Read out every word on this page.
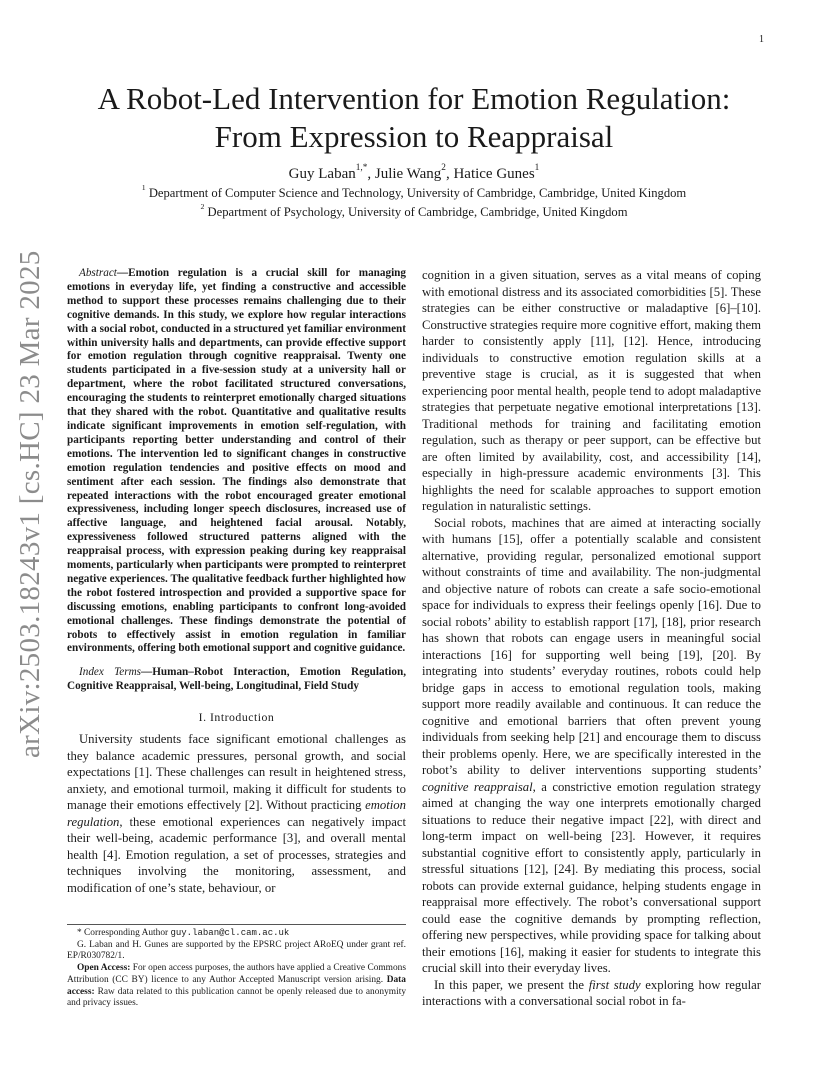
1
arXiv:2503.18243v1 [cs.HC] 23 Mar 2025
A Robot-Led Intervention for Emotion Regulation:
From Expression to Reappraisal
Guy Laban$^{1,*}$, Julie Wang$^2$, Hatice Gunes$^1$
$^1$ Department of Computer Science and Technology, University of Cambridge, Cambridge, United Kingdom
$^2$ Department of Psychology, University of Cambridge, Cambridge, United Kingdom

Abstract—Emotion regulation is a crucial skill for managing emotions in everyday life, yet finding a constructive and accessible method to support these processes remains challenging due to their cognitive demands. In this study, we explore how regular interactions with a social robot, conducted in a structured yet familiar environment within university halls and departments, can provide effective support for emotion regulation through cognitive reappraisal. Twenty one students participated in a five-session study at a university hall or department, where the robot facilitated structured conversations, encouraging the students to reinterpret emotionally charged situations that they shared with the robot. Quantitative and qualitative results indicate significant improvements in emotion self-regulation, with participants reporting better understanding and control of their emotions. The intervention led to significant changes in constructive emotion regulation tendencies and positive effects on mood and sentiment after each session. The findings also demonstrate that repeated interactions with the robot encouraged greater emotional expressiveness, including longer speech disclosures, increased use of affective language, and heightened facial arousal. Notably, expressiveness followed structured patterns aligned with the reappraisal process, with expression peaking during key reappraisal moments, particularly when participants were prompted to reinterpret negative experiences. The qualitative feedback further highlighted how the robot fostered introspection and provided a supportive space for discussing emotions, enabling participants to confront long-avoided emotional challenges. These findings demonstrate the potential of robots to effectively assist in emotion regulation in familiar environments, offering both emotional support and cognitive guidance.

Index Terms—Human–Robot Interaction, Emotion Regulation, Cognitive Reappraisal, Well-being, Longitudinal, Field Study

I. Introduction

University students face significant emotional challenges as they balance academic pressures, personal growth, and social expectations [1]. These challenges can result in heightened stress, anxiety, and emotional turmoil, making it difficult for students to manage their emotions effectively [2]. Without practicing emotion regulation, these emotional experiences can negatively impact their well-being, academic performance [3], and overall mental health [4]. Emotion regulation, a set of processes, strategies and techniques involving the monitoring, assessment, and modification of one’s state, behaviour, or

* Corresponding Author guy.laban@cl.cam.ac.uk

G. Laban and H. Gunes are supported by the EPSRC project ARoEQ under grant ref. EP/R030782/1.

Open Access: For open access purposes, the authors have applied a Creative Commons Attribution (CC BY) licence to any Author Accepted Manuscript version arising. Data access: Raw data related to this publication cannot be openly released due to anonymity and privacy issues.

cognition in a given situation, serves as a vital means of coping with emotional distress and its associated comorbidities [5]. These strategies can be either constructive or maladaptive [6]–[10]. Constructive strategies require more cognitive effort, making them harder to consistently apply [11], [12]. Hence, introducing individuals to constructive emotion regulation skills at a preventive stage is crucial, as it is suggested that when experiencing poor mental health, people tend to adopt maladaptive strategies that perpetuate negative emotional interpretations [13]. Traditional methods for training and facilitating emotion regulation, such as therapy or peer support, can be effective but are often limited by availability, cost, and accessibility [14], especially in high-pressure academic environments [3]. This highlights the need for scalable approaches to support emotion regulation in naturalistic settings.

Social robots, machines that are aimed at interacting socially with humans [15], offer a potentially scalable and consistent alternative, providing regular, personalized emotional support without constraints of time and availability. The non-judgmental and objective nature of robots can create a safe socio-emotional space for individuals to express their feelings openly [16]. Due to social robots’ ability to establish rapport [17], [18], prior research has shown that robots can engage users in meaningful social interactions [16] for supporting well being [19], [20]. By integrating into students’ everyday routines, robots could help bridge gaps in access to emotional regulation tools, making support more readily available and continuous. It can reduce the cognitive and emotional barriers that often prevent young individuals from seeking help [21] and encourage them to discuss their problems openly. Here, we are specifically interested in the robot’s ability to deliver interventions supporting students’ cognitive reappraisal, a constrictive emotion regulation strategy aimed at changing the way one interprets emotionally charged situations to reduce their negative impact [22], with direct and long-term impact on well-being [23]. However, it requires substantial cognitive effort to consistently apply, particularly in stressful situations [12], [24]. By mediating this process, social robots can provide external guidance, helping students engage in reappraisal more effectively. The robot’s conversational support could ease the cognitive demands by prompting reflection, offering new perspectives, while providing space for talking about their emotions [16], making it easier for students to integrate this crucial skill into their everyday lives.

In this paper, we present the first study exploring how regular interactions with a conversational social robot in fa-
